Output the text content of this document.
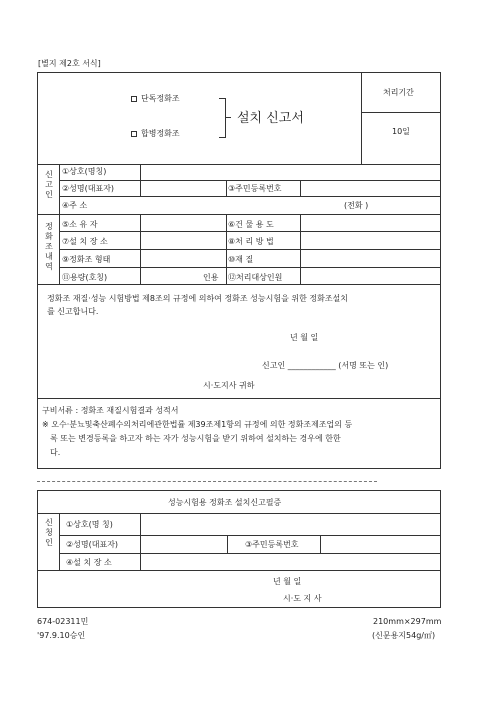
[별지 제2호 서식]
단독정화조
합병정화조
설치 신고서
처리기간
10일
신
고
인
①상호(명칭)
②성명(대표자)	③주민등록번호
④주 소	(전화 )
정
화
조
내
역
⑤소 유 자	⑥건 물 용 도
⑦설 치 장 소	⑧처 리 방 법
⑨정화조 형태	⑩재 질
⑪용량(호칭)	인용 ⑫처리대상인원
정화조 재질·성능 시험방법 제8조의 규정에 의하여 정화조 성능시험을 위한 정화조설치
를 신고합니다.
년 월 일
신고인 ____________ (서명 또는 인)
시·도지사 귀하
구비서류 : 정화조 재질시험결과 성적서
※ 오수·분뇨및축산폐수의처리에관한법률 제39조제1항의 규정에 의한 정화조제조업의 등
록 또는 변경등록을 하고자 하는 자가 성능시험을 받기 위하여 설치하는 경우에 한한
다.
성능시험용 정화조 설치신고필증
신
청
인
①상호(명 칭)
②성명(대표자)	③주민등록번호
④설 치 장 소
년 월 일
시·도 지 사
674-02311민
'97.9.10승인
210mm×297mm
(신문용지54g/㎡)
